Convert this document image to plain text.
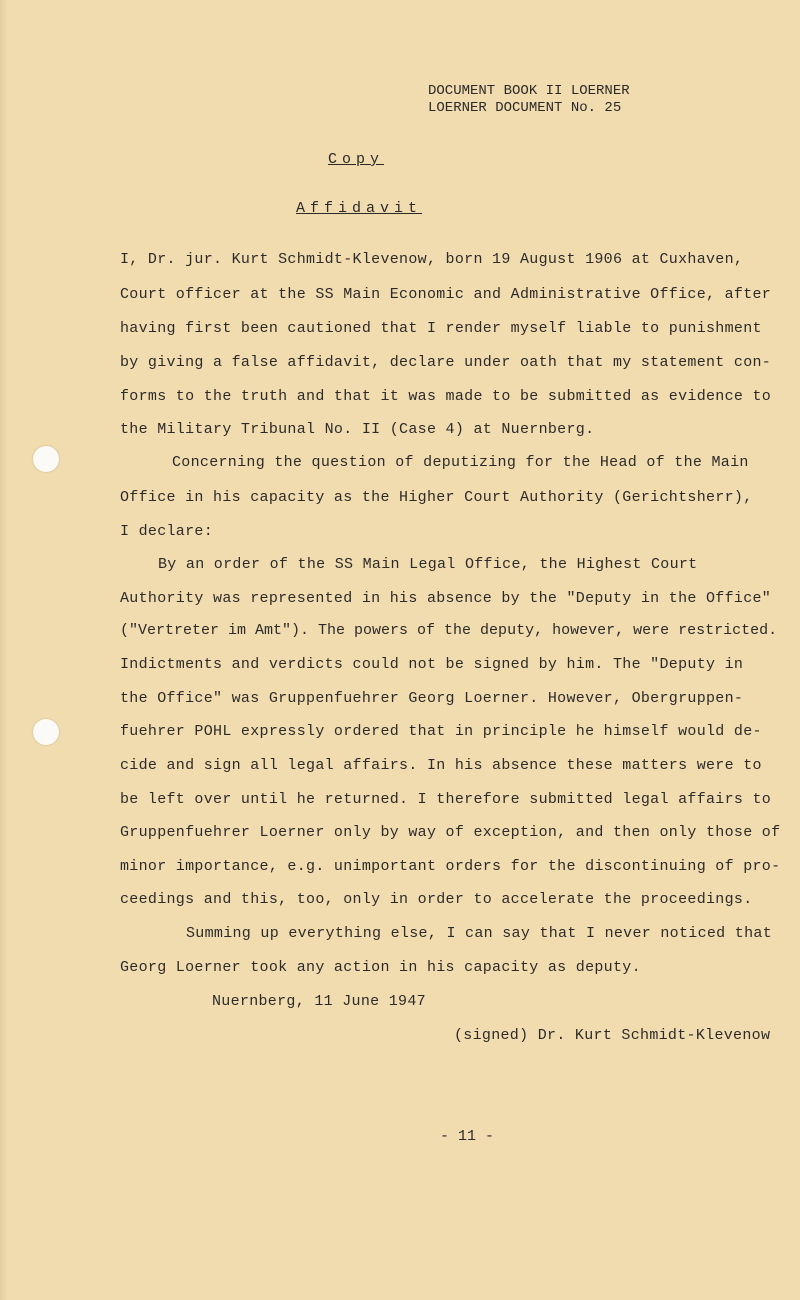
DOCUMENT BOOK II LOERNER
LOERNER DOCUMENT No. 25
Copy
Affidavit
I, Dr. jur. Kurt Schmidt-Klevenow, born 19 August 1906 at Cuxhaven,
Court officer at the SS Main Economic and Administrative Office, after
having first been cautioned that I render myself liable to punishment
by giving a false affidavit, declare under oath that my statement con-
forms to the truth and that it was made to be submitted as evidence to
the Military Tribunal No. II (Case 4) at Nuernberg.
Concerning the question of deputizing for the Head of the Main
Office in his capacity as the Higher Court Authority (Gerichtsherr),
I declare:
By an order of the SS Main Legal Office, the Highest Court
Authority was represented in his absence by the "Deputy in the Office"
("Vertreter im Amt"). The powers of the deputy, however, were restricted.
Indictments and verdicts could not be signed by him. The "Deputy in
the Office" was Gruppenfuehrer Georg Loerner. However, Obergruppen-
fuehrer POHL expressly ordered that in principle he himself would de-
cide and sign all legal affairs. In his absence these matters were to
be left over until he returned. I therefore submitted legal affairs to
Gruppenfuehrer Loerner only by way of exception, and then only those of
minor importance, e.g. unimportant orders for the discontinuing of pro-
ceedings and this, too, only in order to accelerate the proceedings.
Summing up everything else, I can say that I never noticed that
Georg Loerner took any action in his capacity as deputy.
Nuernberg, 11 June 1947
(signed) Dr. Kurt Schmidt-Klevenow
- 11 -
